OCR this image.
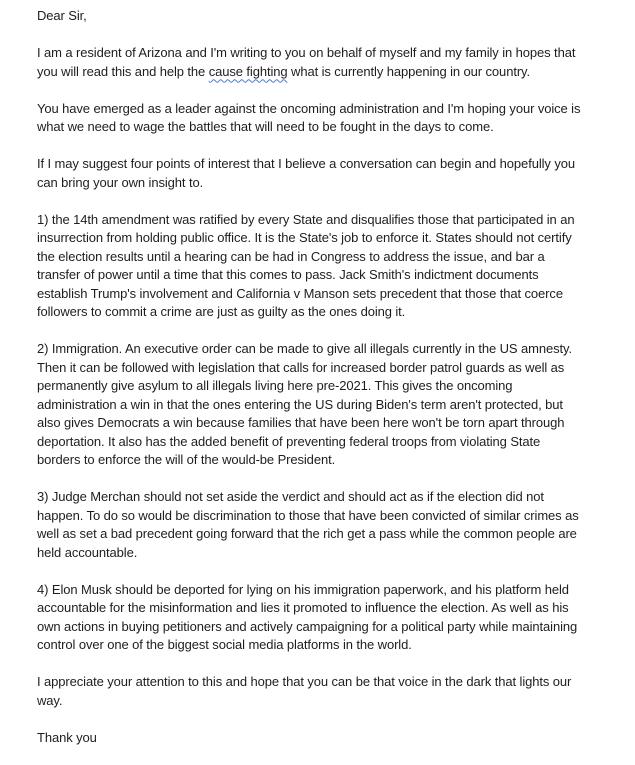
Dear Sir,
I am a resident of Arizona and I'm writing to you on behalf of myself and my family in hopes that
you will read this and help the cause fighting what is currently happening in our country.
You have emerged as a leader against the oncoming administration and I'm hoping your voice is
what we need to wage the battles that will need to be fought in the days to come.
If I may suggest four points of interest that I believe a conversation can begin and hopefully you
can bring your own insight to.
1) the 14th amendment was ratified by every State and disqualifies those that participated in an
insurrection from holding public office. It is the State's job to enforce it. States should not certify
the election results until a hearing can be had in Congress to address the issue, and bar a
transfer of power until a time that this comes to pass. Jack Smith's indictment documents
establish Trump's involvement and California v Manson sets precedent that those that coerce
followers to commit a crime are just as guilty as the ones doing it.
2) Immigration. An executive order can be made to give all illegals currently in the US amnesty.
Then it can be followed with legislation that calls for increased border patrol guards as well as
permanently give asylum to all illegals living here pre-2021. This gives the oncoming
administration a win in that the ones entering the US during Biden's term aren't protected, but
also gives Democrats a win because families that have been here won't be torn apart through
deportation. It also has the added benefit of preventing federal troops from violating State
borders to enforce the will of the would-be President.
3) Judge Merchan should not set aside the verdict and should act as if the election did not
happen. To do so would be discrimination to those that have been convicted of similar crimes as
well as set a bad precedent going forward that the rich get a pass while the common people are
held accountable.
4) Elon Musk should be deported for lying on his immigration paperwork, and his platform held
accountable for the misinformation and lies it promoted to influence the election. As well as his
own actions in buying petitioners and actively campaigning for a political party while maintaining
control over one of the biggest social media platforms in the world.
I appreciate your attention to this and hope that you can be that voice in the dark that lights our
way.
Thank you
